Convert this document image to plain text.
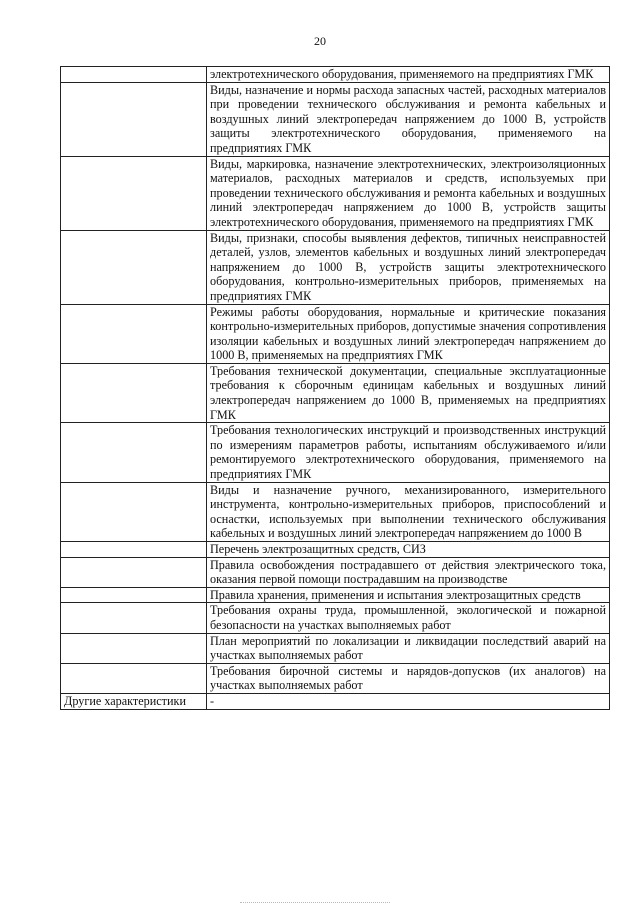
20
	электротехнического оборудования, применяемого на предприятиях ГМК
	Виды, назначение и нормы расхода запасных частей, расходных материалов при проведении технического обслуживания и ремонта кабельных и воздушных линий электропередач напряжением до 1000 В, устройств защиты электротехнического оборудования, применяемого на предприятиях ГМК
	Виды, маркировка, назначение электротехнических, электроизоляционных материалов, расходных материалов и средств, используемых при проведении технического обслуживания и ремонта кабельных и воздушных линий электропередач напряжением до 1000 В, устройств защиты электротехнического оборудования, применяемого на предприятиях ГМК
	Виды, признаки, способы выявления дефектов, типичных неисправностей деталей, узлов, элементов кабельных и воздушных линий электропередач напряжением до 1000 В, устройств защиты электротехнического оборудования, контрольно-измерительных приборов, применяемых на предприятиях ГМК
	Режимы работы оборудования, нормальные и критические показания контрольно-измерительных приборов, допустимые значения сопротивления изоляции кабельных и воздушных линий электропередач напряжением до 1000 В, применяемых на предприятиях ГМК
	Требования технической документации, специальные эксплуатационные требования к сборочным единицам кабельных и воздушных линий электропередач напряжением до 1000 В, применяемых на предприятиях ГМК
	Требования технологических инструкций и производственных инструкций по измерениям параметров работы, испытаниям обслуживаемого и/или ремонтируемого электротехнического оборудования, применяемого на предприятиях ГМК
	Виды и назначение ручного, механизированного, измерительного инструмента, контрольно-измерительных приборов, приспособлений и оснастки, используемых при выполнении технического обслуживания кабельных и воздушных линий электропередач напряжением до 1000 В
	Перечень электрозащитных средств, СИЗ
	Правила освобождения пострадавшего от действия электрического тока, оказания первой помощи пострадавшим на производстве
	Правила хранения, применения и испытания электрозащитных средств
	Требования охраны труда, промышленной, экологической и пожарной безопасности на участках выполняемых работ
	План мероприятий по локализации и ликвидации последствий аварий на участках выполняемых работ
	Требования бирочной системы и нарядов-допусков (их аналогов) на участках выполняемых работ
Другие характеристики	-
